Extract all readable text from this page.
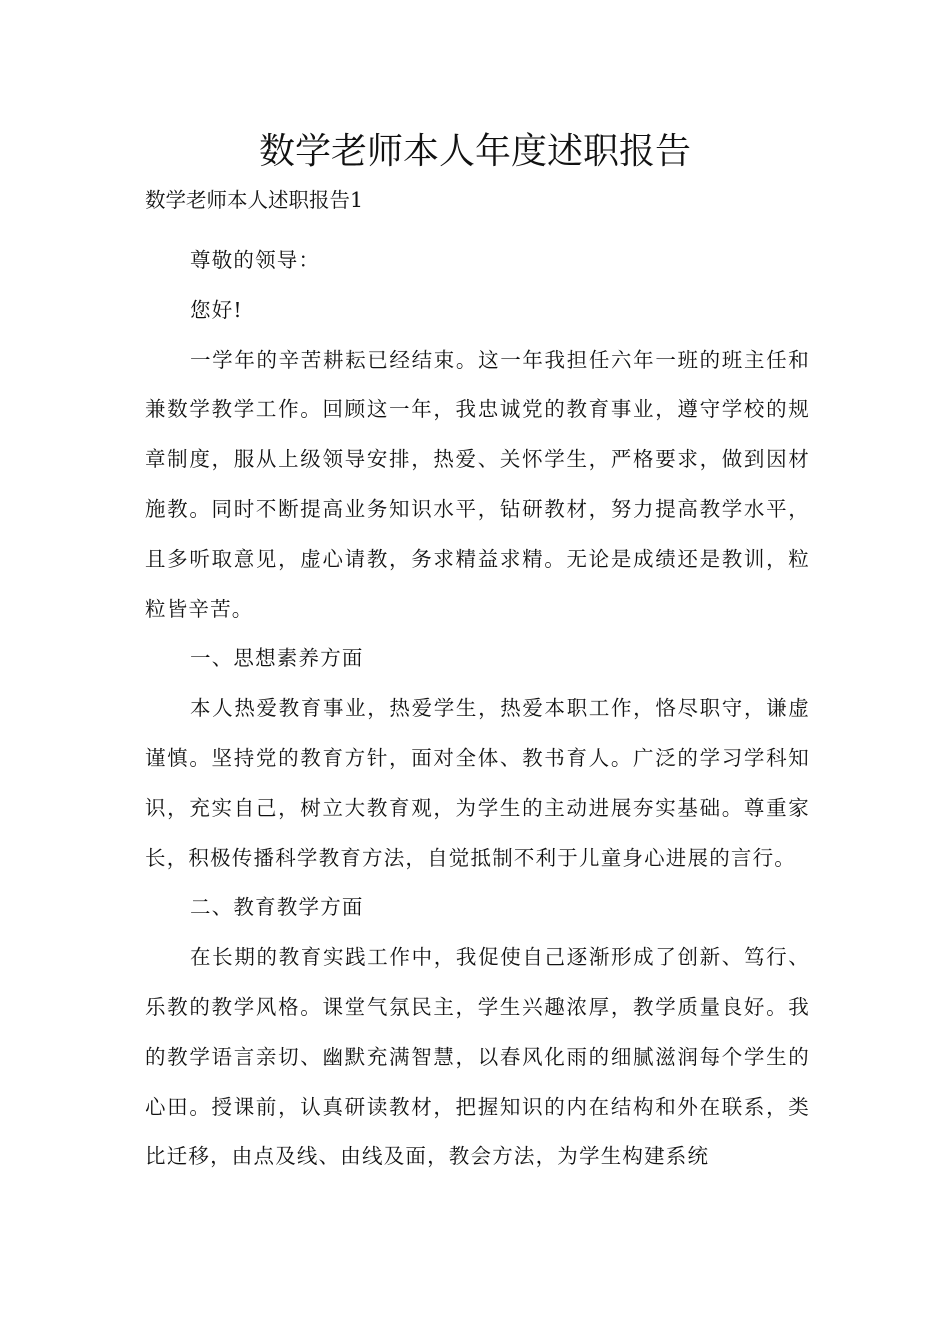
数学老师本人年度述职报告

数学老师本人述职报告1

尊敬的领导：

您好!

一学年的辛苦耕耘已经结束。这一年我担任六年一班的班主任和兼数学教学工作。回顾这一年，我忠诚党的教育事业，遵守学校的规章制度，服从上级领导安排，热爱、关怀学生，严格要求，做到因材施教。同时不断提高业务知识水平，钻研教材，努力提高教学水平，且多听取意见，虚心请教，务求精益求精。无论是成绩还是教训，粒粒皆辛苦。

一、思想素养方面

本人热爱教育事业，热爱学生，热爱本职工作，恪尽职守，谦虚谨慎。坚持党的教育方针，面对全体、教书育人。广泛的学习学科知识，充实自己，树立大教育观，为学生的主动进展夯实基础。尊重家长，积极传播科学教育方法，自觉抵制不利于儿童身心进展的言行。

二、教育教学方面

在长期的教育实践工作中，我促使自己逐渐形成了创新、笃行、乐教的教学风格。课堂气氛民主，学生兴趣浓厚，教学质量良好。我的教学语言亲切、幽默充满智慧，以春风化雨的细腻滋润每个学生的心田。授课前，认真研读教材，把握知识的内在结构和外在联系，类比迁移，由点及线、由线及面，教会方法，为学生构建系统
